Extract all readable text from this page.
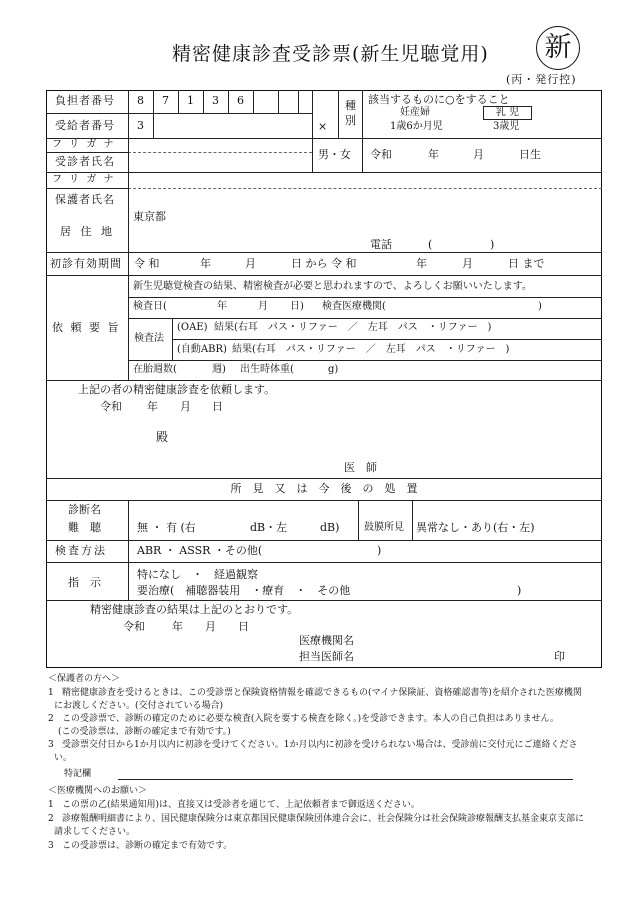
精密健康診査受診票(新生児聴覚用)	新
(丙・発行控)
負担者番号 8 7 1 3 6
受給者番号 3	×
種
別
該当するものに○をすること
妊産婦	乳 児
1歳6か月児	3歳児
フ リ ガ ナ
受診者氏名
男・女 令和	年	月	日生
フ リ ガ ナ
保護者氏名
居 住 地
東京都
電話	(	)
初診有効期間 令 和	年	月	日 から 令 和	年	月	日 まで
依 頼 要 旨
新生児聴覚検査の結果、精密検査が必要と思われますので、よろしくお願いいたします。
検査日(	年	月 日) 検査医療機関(	)
検査法
(OAE) 結果(右耳　パス・リファー　／　左耳　パス　・リファー　)
(自動ABR) 結果(右耳　パス・リファー　／　左耳　パス　・リファー　)
在胎週数(	週) 出生時体重(	g)
上記の者の精密健康診査を依頼します。
令和 年 月 日
殿
医　師
所　見　又　は　今　後　の　処　置
診断名
難　聴	無 ・ 有 (右	dB・左	dB) 鼓膜所見 異常なし・あり(右・左)
検査方法	ABR ・ ASSR ・その他(	)
指　示
特になし　・　経過観察
要治療(　補聴器装用　・療育　・　その他	)
精密健康診査の結果は上記のとおりです。
令和 年 月 日
医療機関名
担当医師名	印
＜保護者の方へ＞
1 精密健康診査を受けるときは、この受診票と保険資格情報を確認できるもの(マイナ保険証、資格確認書等)を紹介された医療機関
にお渡しください。(交付されている場合)
2 この受診票で、診断の確定のために必要な検査(入院を要する検査を除く。)を受診できます。本人の自己負担はありません。
(この受診票は、診断の確定まで有効です。)
3 受診票交付日から1か月以内に初診を受けてください。1か月以内に初診を受けられない場合は、受診前に交付元にご連絡くださ
い。
特記欄
＜医療機関へのお願い＞
1 この票の乙(結果通知用)は、直接又は受診者を通じて、上記依頼者まで御返送ください。
2 診療報酬明細書により、国民健康保険分は東京都国民健康保険団体連合会に、社会保険分は社会保険診療報酬支払基金東京支部に
請求してください。
3 この受診票は、診断の確定まで有効です。
